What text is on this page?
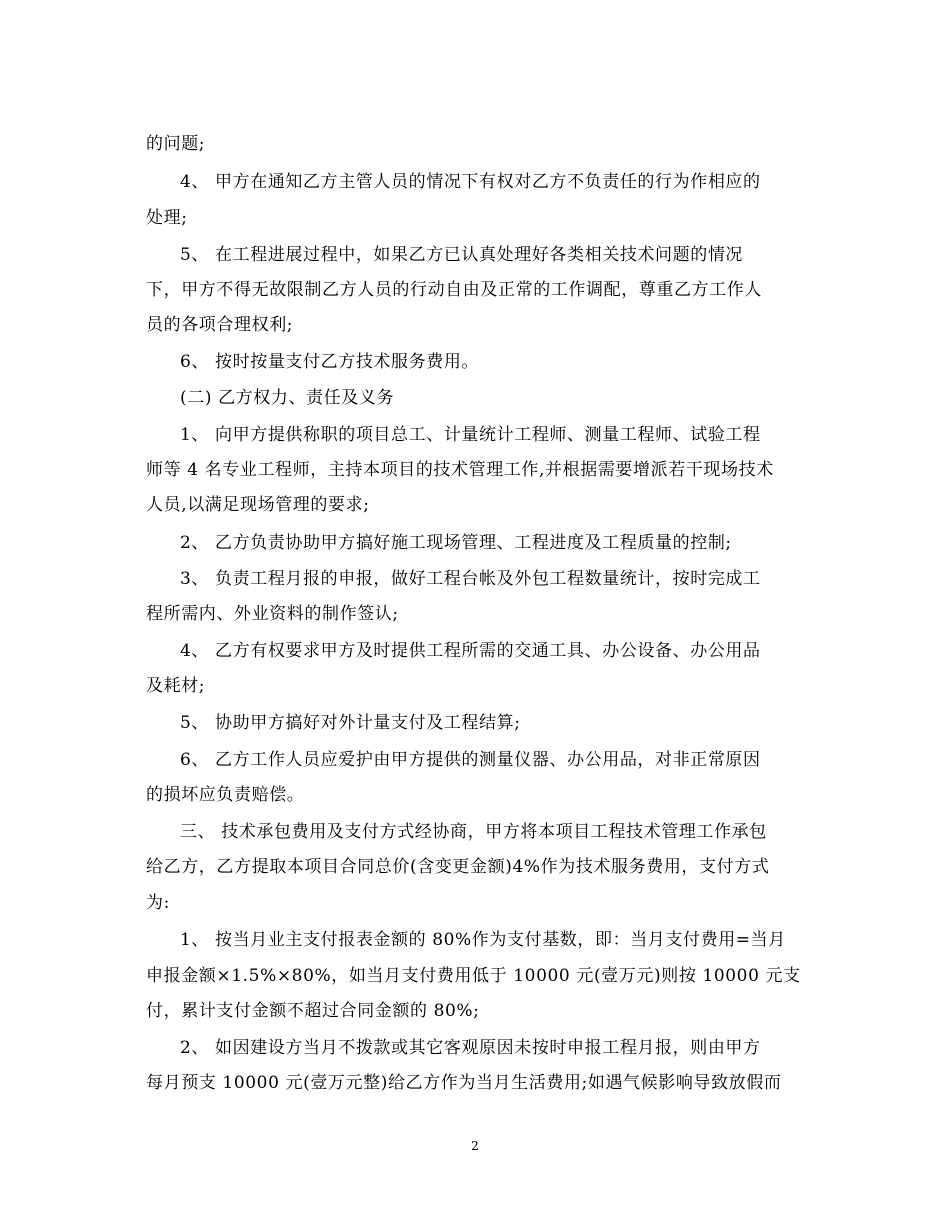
的问题;
4、 甲方在通知乙方主管人员的情况下有权对乙方不负责任的行为作相应的
处理;
5、 在工程进展过程中，如果乙方已认真处理好各类相关技术问题的情况
下，甲方不得无故限制乙方人员的行动自由及正常的工作调配，尊重乙方工作人
员的各项合理权利;
6、 按时按量支付乙方技术服务费用。
(二) 乙方权力、责任及义务
1、 向甲方提供称职的项目总工、计量统计工程师、测量工程师、试验工程
师等 4 名专业工程师，主持本项目的技术管理工作,并根据需要增派若干现场技术
人员,以满足现场管理的要求;
2、 乙方负责协助甲方搞好施工现场管理、工程进度及工程质量的控制;
3、 负责工程月报的申报，做好工程台帐及外包工程数量统计，按时完成工
程所需内、外业资料的制作签认;
4、 乙方有权要求甲方及时提供工程所需的交通工具、办公设备、办公用品
及耗材;
5、 协助甲方搞好对外计量支付及工程结算;
6、 乙方工作人员应爱护由甲方提供的测量仪器、办公用品，对非正常原因
的损坏应负责赔偿。
三、 技术承包费用及支付方式经协商，甲方将本项目工程技术管理工作承包
给乙方，乙方提取本项目合同总价(含变更金额)4%作为技术服务费用，支付方式
为:
1、 按当月业主支付报表金额的 80%作为支付基数，即：当月支付费用=当月
申报金额×1.5%×80%，如当月支付费用低于 10000 元(壹万元)则按 10000 元支
付，累计支付金额不超过合同金额的 80%;
2、 如因建设方当月不拨款或其它客观原因未按时申报工程月报，则由甲方
每月预支 10000 元(壹万元整)给乙方作为当月生活费用;如遇气候影响导致放假而
2
